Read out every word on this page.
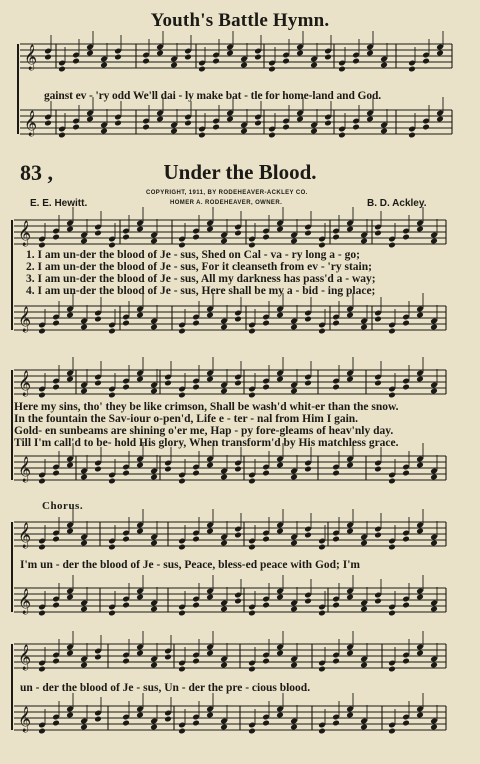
𝄞
𝄞
𝄞
𝄞
𝄞
𝄞
𝄞
𝄞
𝄞
𝄞
Youth's Battle Hymn.
gainst ev - 'ry odd We'll dai - ly make bat - tle for home-land and God.
83 ,	Under the Blood.
COPYRIGHT, 1911, BY RODEHEAVER-ACKLEY CO.
HOMER A. RODEHEAVER, OWNER.
E. E. Hewitt.	B. D. Ackley.
1. I am un-der the blood of Je - sus, Shed on Cal - va - ry long a - go;
2. I am un-der the blood of Je - sus, For it cleanseth from ev - 'ry stain;
3. I am un-der the blood of Je - sus, All my darkness has pass'd a - way;
4. I am un-der the blood of Je - sus, Here shall be my a - bid - ing place;
Here my sins, tho' they be like crimson, Shall be wash'd whit-er than the snow.
In the fountain the Sav-iour o-pen'd, Life e - ter - nal from Him I gain.
Gold- en sunbeams are shining o'er me, Hap - py fore-gleams of heav'nly day.
Till I'm call'd to be- hold His glory, When transform'd by His matchless grace.
Chorus.
I'm un - der the blood of Je - sus, Peace, bless-ed peace with God; I'm
un - der the blood of Je - sus, Un - der the pre - cious blood.
